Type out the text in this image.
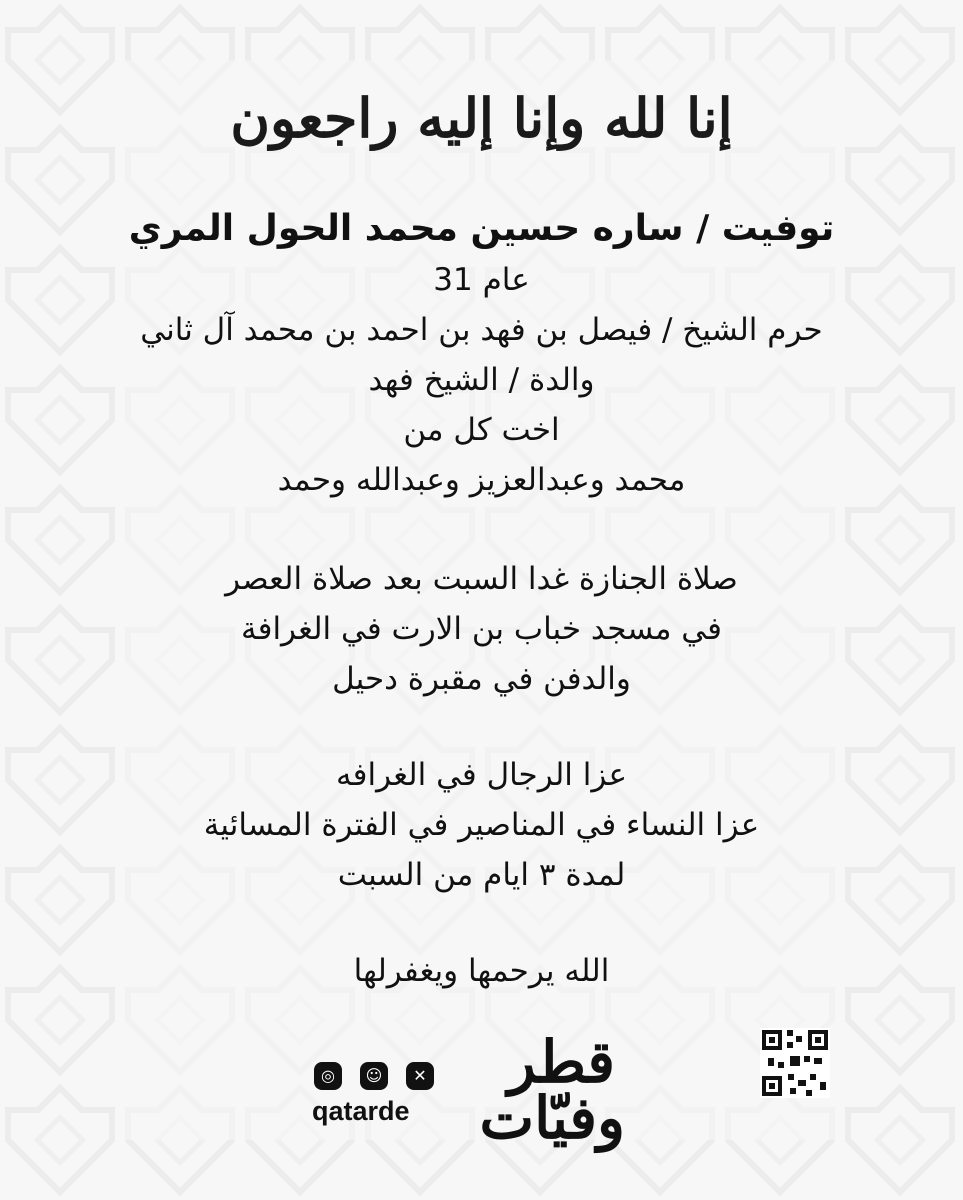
إنا لله وإنا إليه راجعون
توفيت / ساره حسين محمد الحول المري
عام 31
حرم الشيخ / فيصل بن فهد بن احمد بن محمد آل ثاني
والدة / الشيخ فهد
اخت كل من
محمد وعبدالعزيز وعبدالله وحمد
صلاة الجنازة غدا السبت بعد صلاة العصر
في مسجد خباب بن الارت في الغرافة
والدفن في مقبرة دحيل
عزا الرجال في الغرافه
عزا النساء في المناصير في الفترة المسائية
لمدة ٣ ايام من السبت
الله يرحمها ويغفرلها
قطر
وفيّات
◎	☺	✕
qatarde
